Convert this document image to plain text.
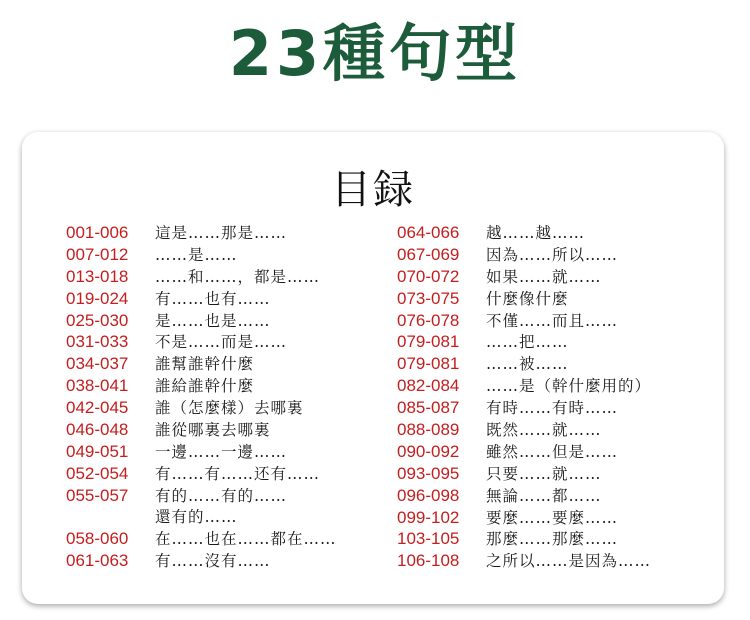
23種句型
目録
001-006 這是……那是……
007-012 ……是……
013-018 ……和……，都是……
019-024 有……也有……
025-030 是……也是……
031-033 不是……而是……
034-037 誰幫誰幹什麼
038-041 誰給誰幹什麼
042-045 誰（怎麼樣）去哪裏
046-048 誰從哪裏去哪裏
049-051 一邊……一邊……
052-054 有……有……还有……
055-057 有的……有的……
還有的……
058-060 在……也在……都在……
061-063 有……沒有……
064-066 越……越……
067-069 因為……所以……
070-072 如果……就……
073-075 什麼像什麼
076-078 不僅……而且……
079-081 ……把……
079-081 ……被……
082-084 ……是（幹什麼用的）
085-087 有時……有時……
088-089 既然……就……
090-092 雖然……但是……
093-095 只要……就……
096-098 無論……都……
099-102 要麼……要麼……
103-105 那麼……那麼……
106-108 之所以……是因為……
